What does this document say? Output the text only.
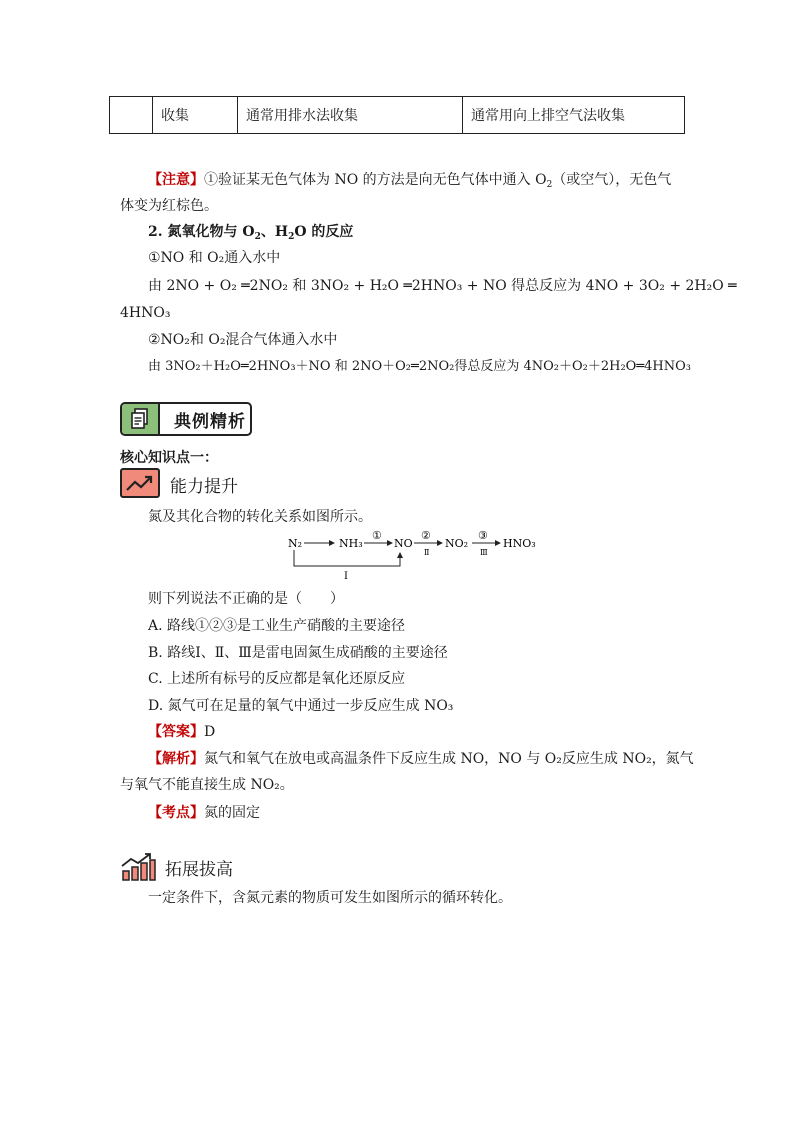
	收集	通常用排水法收集	通常用向上排空气法收集
【注意】①验证某无色气体为 NO 的方法是向无色气体中通入 $O_2$（或空气），无色气
体变为红棕色。
2. 氮氧化物与 $O_2$、$H_2O$ 的反应
①NO 和 O₂通入水中
由 2NO + O₂ ═2NO₂ 和 3NO₂ + H₂O ═2HNO₃ + NO 得总反应为 4NO + 3O₂ + 2H₂O ═
4HNO₃
②NO₂和 O₂混合气体通入水中
由 3NO₂＋H₂O═2HNO₃＋NO 和 2NO＋O₂═2NO₂得总反应为 4NO₂＋O₂＋2H₂O═4HNO₃
典例精析
核心知识点一：
能力提升
氮及其化合物的转化关系如图所示。
N₂	NH₃
①
NO
②
Ⅱ
NO₂
③
Ⅲ
HNO₃
Ⅰ
则下列说法不正确的是（　　）
A. 路线①②③是工业生产硝酸的主要途径
B. 路线Ⅰ、Ⅱ、Ⅲ是雷电固氮生成硝酸的主要途径
C. 上述所有标号的反应都是氧化还原反应
D. 氮气可在足量的氧气中通过一步反应生成 NO₃
【答案】D
【解析】氮气和氧气在放电或高温条件下反应生成 NO，NO 与 O₂反应生成 NO₂，氮气
与氧气不能直接生成 NO₂。
【考点】氮的固定
拓展拔高
一定条件下，含氮元素的物质可发生如图所示的循环转化。
